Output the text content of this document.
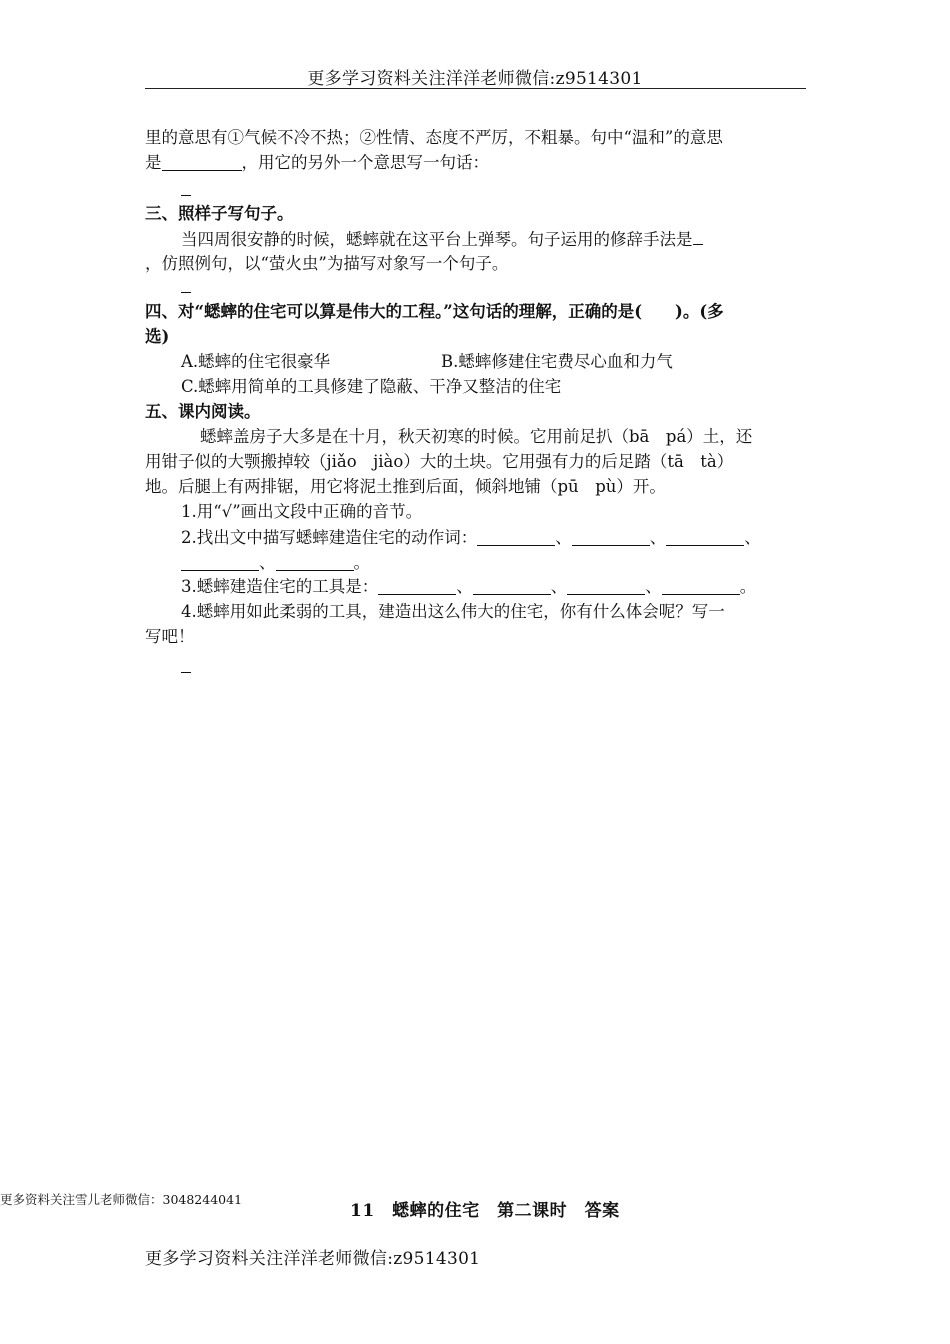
更多学习资料关注洋洋老师微信:z9514301
里的意思有①气候不冷不热；②性情、态度不严厉，不粗暴。句中“温和”的意思
是	，用它的另外一个意思写一句话：
三、照样子写句子。
当四周很安静的时候，蟋蟀就在这平台上弹琴。句子运用的修辞手法是
，仿照例句，以“萤火虫”为描写对象写一个句子。
四、对“蟋蟀的住宅可以算是伟大的工程。”这句话的理解，正确的是(　　)。(多
选)
A.蟋蟀的住宅很豪华	B.蟋蟀修建住宅费尽心血和力气
C.蟋蟀用简单的工具修建了隐蔽、干净又整洁的住宅
五、课内阅读。
蟋蟀盖房子大多是在十月，秋天初寒的时候。它用前足扒（bā　pá）土，还
用钳子似的大颚搬掉较（jiǎo　jiào）大的土块。它用强有力的后足踏（tā　tà）
地。后腿上有两排锯，用它将泥土推到后面，倾斜地铺（pū　pù）开。
1.用“√”画出文段中正确的音节。
2.找出文中描写蟋蟀建造住宅的动作词：	、	、	、
、	。
3.蟋蟀建造住宅的工具是：	、	、	、	。
4.蟋蟀用如此柔弱的工具，建造出这么伟大的住宅，你有什么体会呢？写一
写吧！
更多资料关注雪儿老师微信：3048244041
11　蟋蟀的住宅　第二课时　答案
更多学习资料关注洋洋老师微信:z9514301
